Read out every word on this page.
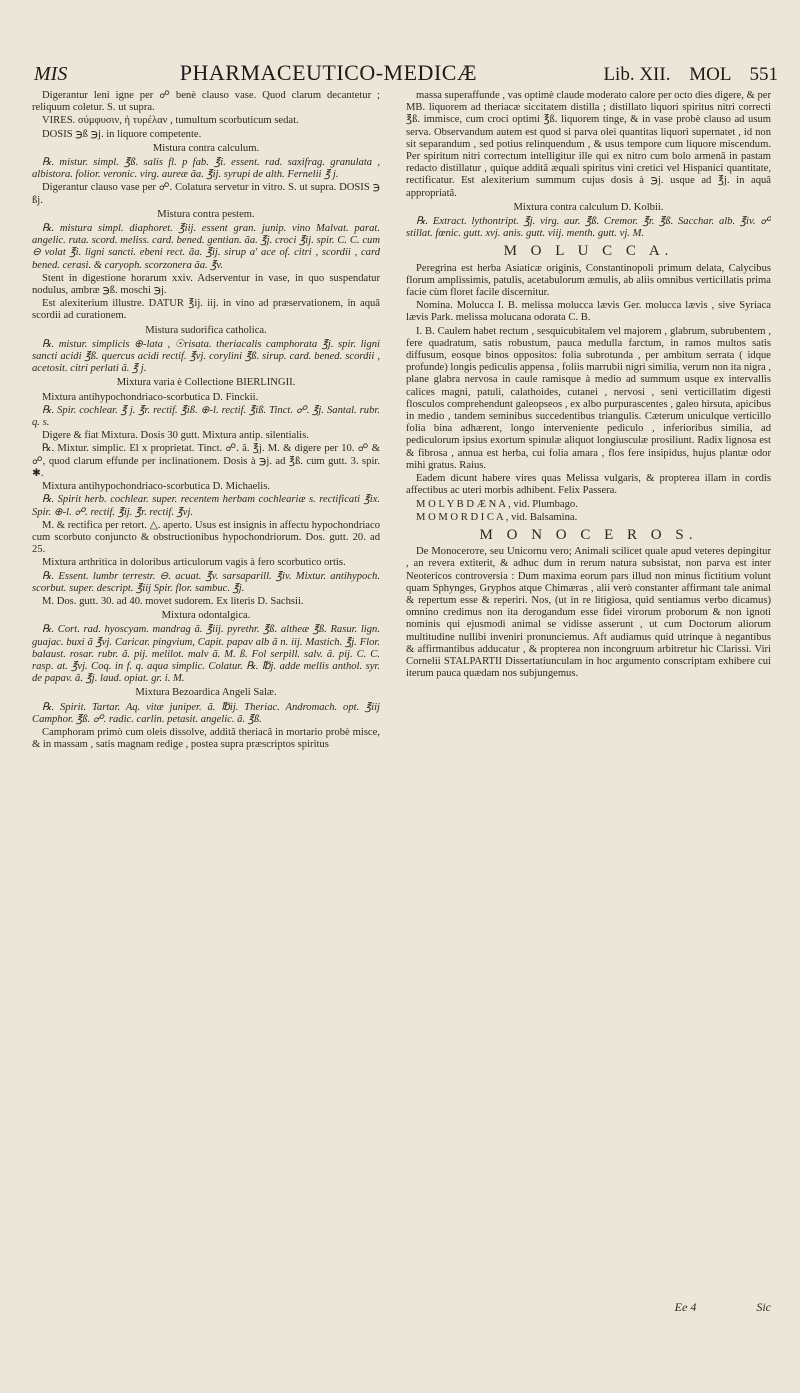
MIS	PHARMACEUTICO-MEDICÆ	Lib. XII. MOL 551

Digerantur leni igne per ☍ benè clauso vase. Quod clarum decantetur ; reliquum coletur. S. ut supra.

VIRES. σύμφυσιν, ἡ τυρέλαν , tumultum scorbuticum sedat.

DOSIS ℈ß ℈j. in liquore competente.

Mistura contra calculum.

℞. mistur. simpl. ℥ß. salis fl. p fab. ℥i. essent. rad. saxifrag. granulata , albistora. folior. veronic. virg. aureæ ãa. ℥ij. syrupi de alth. Fernelii ℥ j.

Digerantur clauso vase per ☍. Colatura servetur in vitro. S. ut supra. DOSIS ℈ ßj.

Mistura contra pestem.

℞. mistura simpl. diaphoret. ℥iij. essent gran. junip. vino Malvat. parat. angelic. ruta. scord. meliss. card. bened. gentian. ãa. ℥j. croci ℥ij. spir. C. C. cum ⊖ volat ℥i. ligni sancti. ebeni rect. ãa. ℥ij. sirup a' ace of. citri , scordii , card bened. cerasi. & caryoph. scorzonera ãa. ℥v.

Stent in digestione horarum xxiv. Adserventur in vase, in quo suspendatur nodulus, ambræ ℈ß. moschi ℈j.

Est alexiterium illustre. DATUR ℥ij. iij. in vino ad præservationem, in aquâ scordii ad curationem.

Mistura sudorifica catholica.

℞. mistur. simplicis ⊕-lata , ☉risata. theriacalis camphorata ℥j. spir. ligni sancti acidi ℥ß. quercus acidi rectif. ℥vj. corylini ℥ß. sirup. card. bened. scordii , acetosit. citri perlati ã. ℥ j.

Mixtura varia è Collectione BIERLINGII.

Mixtura antihypochondriaco-scorbutica D. Finckii.

℞. Spir. cochlear. ℥ j. ℥r. rectif. ℥iß. ⊕-l. rectif. ℥iß. Tinct. ☍. ℥j. Santal. rubr. q. s.

Digere & fiat Mixtura. Dosis 30 gutt. Mixtura antip. silentialis.

℞. Mixtur. simplic. El x proprietat. Tinct. ☍. ã. ℥j. M. & digere per 10. ☍ & ☍, quod clarum effunde per inclinationem. Dosis à ℈j. ad ℥ß. cum gutt. 3. spir. ✱.

Mixtura antihypochondriaco-scorbutica D. Michaelis.

℞. Spirit herb. cochlear. super. recentem herbam cochleariæ s. rectificati ℥ix. Spir. ⊕-l. ☍. rectif. ℥ij. ℥r. rectif. ℥vj.

M. & rectifica per retort. △. aperto. Usus est insignis in affectu hypochondriaco cum scorbuto conjuncto & obstructionibus hypochondriorum. Dos. gutt. 20. ad 25.

Mixtura arthritica in doloribus articulorum vagis à fero scorbutico ortis.

℞. Essent. lumbr terrestr. ⊖. acuat. ℥v. sarsaparill. ℥iv. Mixtur. antihypoch. scorbut. super. descript. ℥iij Spir. flor. sambuc. ℥j.

M. Dos. gutt. 30. ad 40. movet sudorem. Ex literis D. Sachsii.

Mixtura odontalgica.

℞. Cort. rad. hyoscyam. mandrag ã. ℥iij. pyrethr. ℥ß. altheæ ℥ß. Rasur. lign. guajac. buxi ã ℥vj. Caricar. pingvium, Capit. papav alb ã n. iij. Mastich. ℥j. Flor. balaust. rosar. rubr. ã. pij. melilot. malv ã. M. ß. Fol serpill. salv. ã. pij. C. C. rasp. at. ℥vj. Coq. in f. q. aqua simplic. Colatur. ℞. ℔j. adde mellis anthol. syr. de papav. ã. ℥j. laud. opiat. gr. i. M.

Mixtura Bezoardica Angeli Salæ.

℞. Spirit. Tartar. Aq. vitæ juniper. ã. ℔ij. Theriac. Andromach. opt. ℥iij Camphor. ℥ß. ☍. radic. carlin. petasit. angelic. ã. ℥ß.

Camphoram primò cum oleis dissolve, additâ theriacâ in mortario probè misce, & in massam , satis magnam redige , postea supra præscriptos spiritus

massa superaffunde , vas optimè claude moderato calore per octo dies digere, & per MB. liquorem ad theriacæ siccitatem distilla ; distillato liquori spiritus nitri correcti ℥ß. immisce, cum croci optimi ℥ß. liquorem tinge, & in vase probè clauso ad usum serva. Observandum autem est quod si parva olei quantitas liquori supernatet , id non sit separandum , sed potius relinquendum , & usus tempore cum liquore miscendum. Per spiritum nitri correctum intelligitur ille qui ex nitro cum bolo armenâ in pastam redacto distillatur , quique additâ æquali spiritus vini cretici vel Hispanici quantitate, rectificatur. Est alexiterium summum cujus dosis à ℈j. usque ad ℥j. in aquâ appropriatâ.

Mixtura contra calculum D. Kolbii.

℞. Extract. lythontript. ℥j. virg. aur. ℥ß. Cremor. ℥r. ℥ß. Sacchar. alb. ℥iv. ☍ stillat. fœnic. gutt. xvj. anis. gutt. viij. menth. gutt. vj. M.

M O L U C C A.

Peregrina est herba Asiaticæ originis, Constantinopoli primum delata, Calycibus florum amplissimis, patulis, acetabulorum æmulis, ab aliis omnibus verticillatis prima facie cùm floret facile discernitur.

Nomina. Molucca I. B. melissa molucca lævis Ger. molucca lævis , sive Syriaca lævis Park. melissa molucana odorata C. B.

I. B. Caulem habet rectum , sesquicubitalem vel majorem , glabrum, subrubentem , fere quadratum, satis robustum, pauca medulla farctum, in ramos multos satis diffusum, eosque binos oppositos: folia subrotunda , per ambitum serrata ( idque profunde) longis pediculis appensa , foliis marrubii nigri similia, verum non ita nigra , plane glabra nervosa in caule ramisque à medio ad summum usque ex intervallis calices magni, patuli, calathoides, cutanei , nervosi , seni verticillatim digesti flosculos comprehendunt galeopseos , ex albo purpurascentes , galeo hirsuta, apicibus in medio , tandem seminibus succedentibus triangulis. Cæterum uniculque verticillo folia bina adhærent, longo interveniente pediculo , inferioribus similia, ad pediculorum ipsius exortum spinulæ aliquot longiusculæ prosiliunt. Radix lignosa est & fibrosa , annua est herba, cui folia amara , flos fere insipidus, hujus plantæ odor mihi gratus. Raius.

Eadem dicunt habere vires quas Melissa vulgaris, & propterea illam in cordis affectibus ac uteri morbis adhibent. Felix Passera.

M O L Y B D Æ N A , vid. Plumbago.

M O M O R D I C A , vid. Balsamina.

M O N O C E R O S.

De Monoceroте, seu Unicornu vero; Animali scilicet quale apud veteres depingitur , an revera extiterit, & adhuc dum in rerum natura subsistat, non parva est inter Neotericos controversia : Dum maxima eorum pars illud non minus fictitium volunt quam Sphynges, Gryphos atque Chimæras , alii verò constanter affirmant tale animal & repertum esse & reperiri. Nos, (ut in re litigiosa, quid sentiamus verbo dicamus) omnino credimus non ita derogandum esse fidei virorum proborum & non ignoti nominis qui ejusmodi animal se vidisse asserunt , ut cum Doctorum aliorum multitudine nullibi inveniri pronunciemus. Aft audiamus quid utrinque à negantibus & affirmantibus adducatur , & propterea non incongruum arbitretur hic Clarissi. Viri Cornelii STALPARTII Dissertatiunculam in hoc argumento conscriptam exhibere cui iterum pauca quædam nos subjungemus.

Ee 4	Sic
